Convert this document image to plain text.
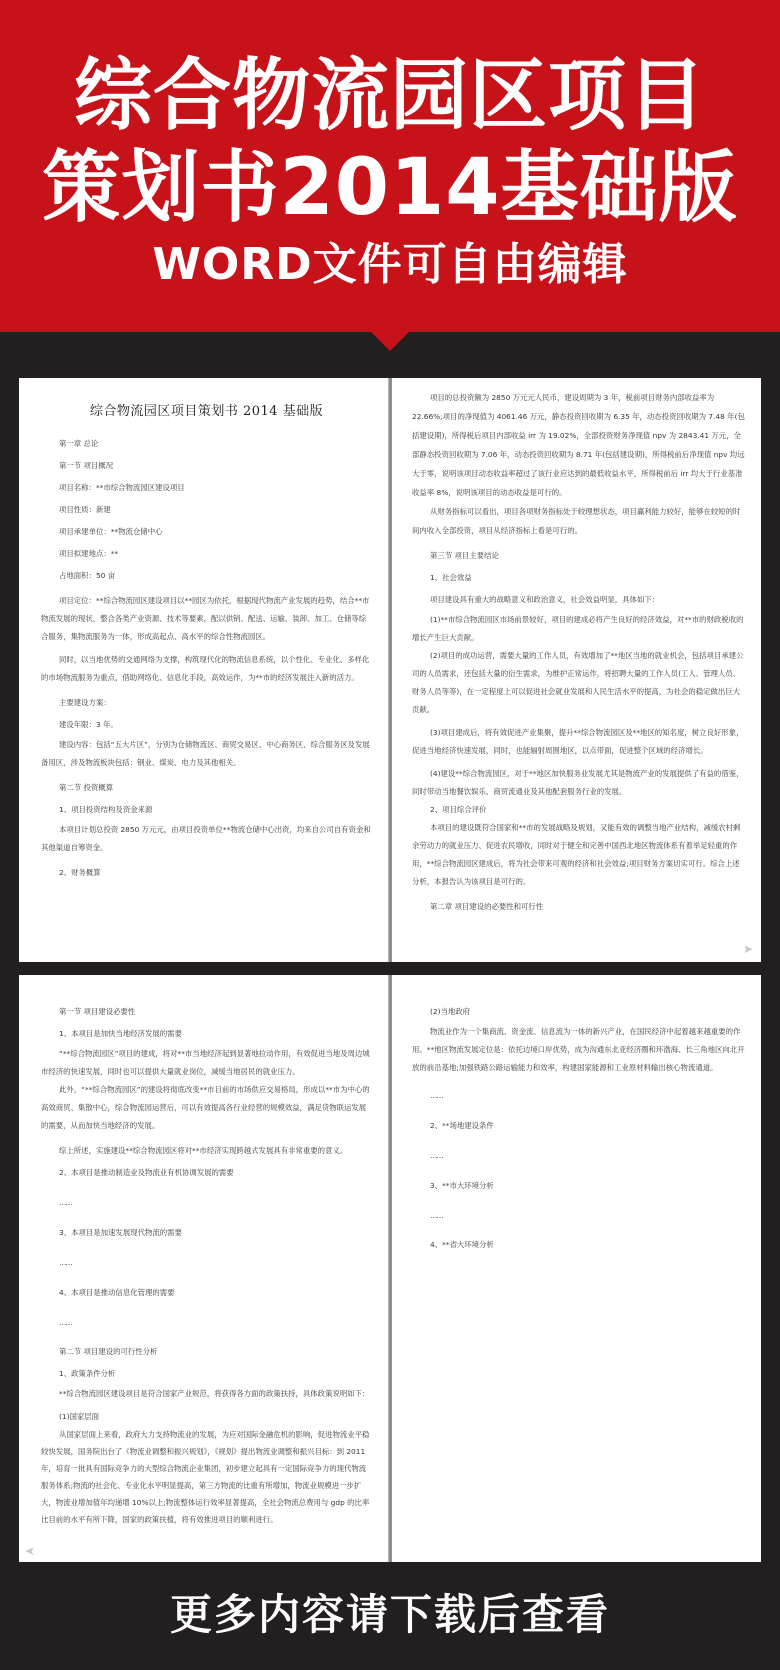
综合物流园区项目
策划书2014基础版
WORD文件可自由编辑
综合物流园区项目策划书 2014 基础版

第一章 总论

第一节 项目概况

项目名称：**市综合物流园区建设项目

项目性质：新建

项目承建单位：**物流仓储中心

项目拟建地点：**

占地面积：50 亩

项目定位：**综合物流园区建设项目以**园区为依托，根据现代物流产业发展的趋势，结合**市物流发展的现状，整合各类产业资源、技术等要素，配以供销、配送、运输、装卸、加工、仓储等综合服务，集物流服务为一体，形成高起点、高水平的综合性物流园区。

同时，以当地优势的交通网络为支撑，构筑现代化的物流信息系统，以个性化、专业化、多样化的市场物流服务为重点，借助网络化、信息化手段，高效运作，为**市的经济发展注入新的活力。

主要建设方案：

建设年限：3 年。

建设内容：包括“五大片区”，分别为仓储物流区、商贸交易区、中心商务区、综合服务区及发展备用区，涉及物流板块包括：钢业、煤炭、电力及其他相关。

第二节 投资概算

1、项目投资结构及资金来源

本项目计划总投资 2850 万元元，由项目投资单位**物流仓储中心出资，均来自公司自有资金和其他渠道自筹资金。

2、财务概算

项目的总投资额为 2850 万元元人民币，建设周期为 3 年，税前项目财务内部收益率为 22.66%;项目的净现值为 4061.46 万元，静态投资回收期为 6.35 年，动态投资回收期为 7.48 年(包括建设期)，所得税后项目内部收益 irr 为 19.02%，全部投资财务净现值 npv 为 2843.41 万元，全部静态投资回收期为 7.06 年，动态投资回收期为 8.71 年(包括建设期)，所得税前后净现值 npv 均远大于零，说明该项目动态收益率超过了该行业应达到的最低收益水平，所得税前后 irr 均大于行业基准收益率 8%，说明该项目的动态收益是可行的。

从财务指标可以看出，项目各项财务指标处于较理想状态，项目赢利能力较好，能够在较短的时间内收入全部投资，项目从经济指标上看是可行的。

第三节 项目主要结论

1、社会效益

项目建设具有重大的战略意义和政治意义，社会效益明显，具体如下：

(1)**市综合物流园区市场前景较好，项目的建成必将产生良好的经济效益，对**市的财政税收的增长产生巨大贡献。

(2)项目的成功运营，需要大量的工作人员，有效增加了**地区当地的就业机会，包括项目承建公司的人员需求，还包括大量的衍生需求，为维护正常运作，将招聘大量的工作人员(工人、管理人员、财务人员等等)，在一定程度上可以促进社会就业发展和人民生活水平的提高，为社会的稳定做出巨大贡献。

(3)项目建成后，将有效促进产业集聚，提升**综合物流园区及**地区的知名度，树立良好形象，促进当地经济快速发展，同时，也能辐射周围地区，以点带面，促进整个区域的经济增长。

(4)建设**综合物流园区，对于**地区加快服务业发展尤其是物流产业的发展提供了有益的借鉴，同时带动当地餐饮娱乐、商贸流通业及其他配套服务行业的发展。

2、项目综合评价

本项目的建设既符合国家和**市的发展战略及规划，又能有效的调整当地产业结构，减缓农村剩余劳动力的就业压力、促进农民增收，同时对于健全和完善中国西北地区物流体系有着举足轻重的作用，**综合物流园区建成后，将为社会带来可观的经济和社会效益;项目财务方案切实可行。综合上述分析，本报告认为该项目是可行的。

第二章 项目建设的必要性和可行性

➤

第一节 项目建设必要性

1、本项目是加快当地经济发展的需要

“**综合物流园区”项目的建成，将对**市当地经济起到显著地拉动作用，有效促进当地及周边城市经济的快速发展，同时也可以提供大量就业岗位，减缓当地居民的就业压力。

此外，“**综合物流园区”的建设将彻底改变**市目前的市场供应交易格局，形成以**市为中心的高效商贸、集散中心，综合物流园运营后，可以有效提高各行业经营的规模效益，满足货物联运发展的需要，从而加快当地经济的发展。

综上所述，实施建设**综合物流园区将对**市经济实现跨越式发展具有非常重要的意义。

2、本项目是推动制造业及物流业有机协调发展的需要

……

3、本项目是加速发展现代物流的需要

……

4、本项目是推动信息化管理的需要

……

第二节 项目建设的可行性分析

1、政策条件分析

**综合物流园区建设项目是符合国家产业规范，将获得各方面的政策扶持，具体政策说明如下：

(1)国家层面

从国家层面上来看，政府大力支持物流业的发展，为应对国际金融危机的影响，促进物流业平稳较快发展，国务院出台了《物流业调整和振兴规划》，《规划》提出物流业调整和振兴目标：到 2011 年，培育一批具有国际竞争力的大型综合物流企业集团，初步建立起具有一定国际竞争力的现代物流服务体系;物流的社会化、专业化水平明显提高，第三方物流的比重有所增加，物流业规模进一步扩大，物流业增加值年均递增 10%以上;物流整体运行效率显著提高，全社会物流总费用与 gdp 的比率比目前的水平有所下降，国家的政策扶植，将有效推进项目的顺利进行。

➤

(2)当地政府

物流业作为一个集商流、资金流、信息流为一体的新兴产业，在国民经济中起着越来越重要的作用。**地区物流发展定位是：依托边境口岸优势，成为沟通东北亚经济圈和环渤海、长三角地区向北开放的前沿基地;加强铁路公路运输能力和效率，构建国家能源和工业原材料输出核心物流通道。

……

2、**场地建设条件

……

3、**市大环境分析

……

4、**省大环境分析

更多内容请下载后查看
